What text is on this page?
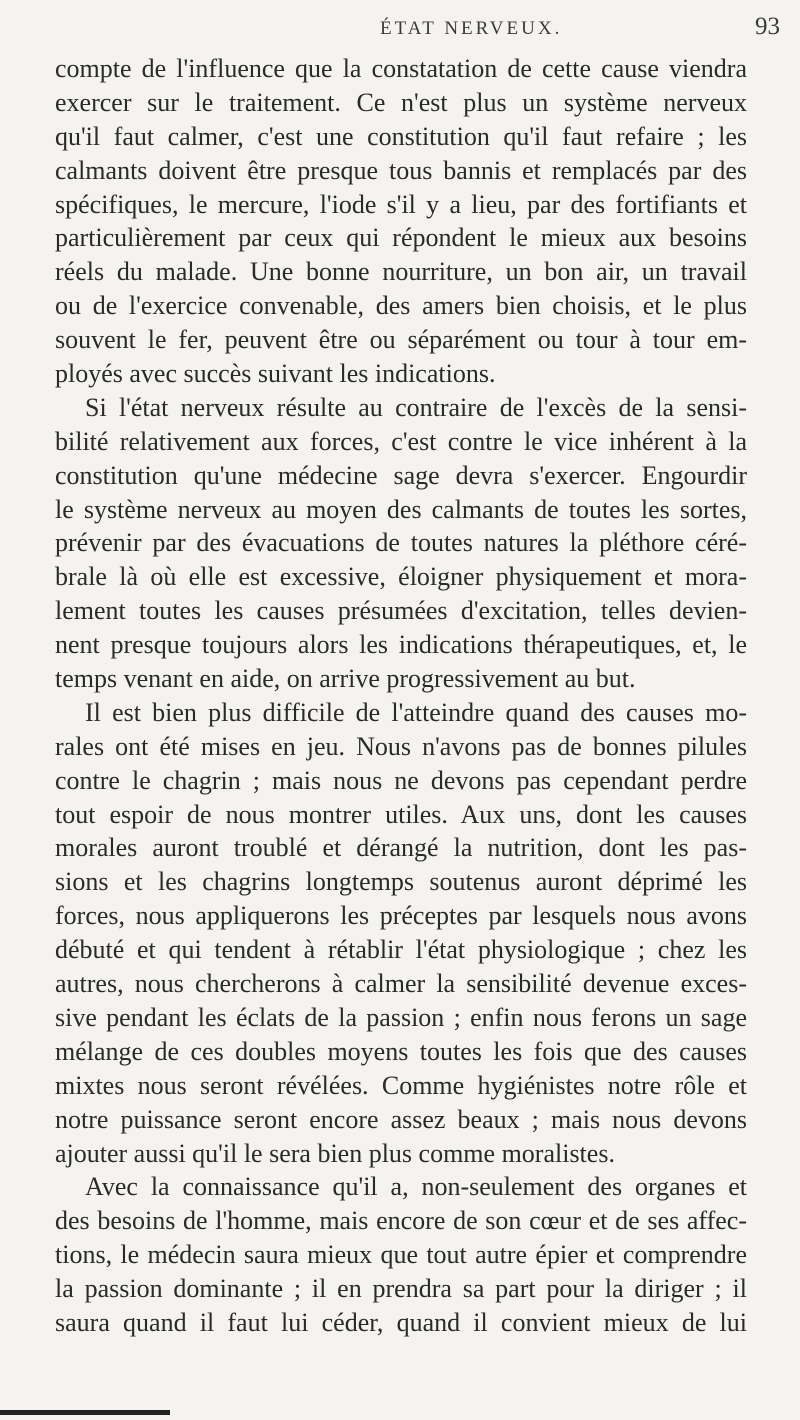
ÉTAT NERVEUX.	93
compte de l'influence que la constatation de cette cause viendra
exercer sur le traitement. Ce n'est plus un système nerveux
qu'il faut calmer, c'est une constitution qu'il faut refaire ; les
calmants doivent être presque tous bannis et remplacés par des
spécifiques, le mercure, l'iode s'il y a lieu, par des fortifiants et
particulièrement par ceux qui répondent le mieux aux besoins
réels du malade. Une bonne nourriture, un bon air, un travail
ou de l'exercice convenable, des amers bien choisis, et le plus
souvent le fer, peuvent être ou séparément ou tour à tour em-
ployés avec succès suivant les indications.
Si l'état nerveux résulte au contraire de l'excès de la sensi-
bilité relativement aux forces, c'est contre le vice inhérent à la
constitution qu'une médecine sage devra s'exercer. Engourdir
le système nerveux au moyen des calmants de toutes les sortes,
prévenir par des évacuations de toutes natures la pléthore céré-
brale là où elle est excessive, éloigner physiquement et mora-
lement toutes les causes présumées d'excitation, telles devien-
nent presque toujours alors les indications thérapeutiques, et, le
temps venant en aide, on arrive progressivement au but.
Il est bien plus difficile de l'atteindre quand des causes mo-
rales ont été mises en jeu. Nous n'avons pas de bonnes pilules
contre le chagrin ; mais nous ne devons pas cependant perdre
tout espoir de nous montrer utiles. Aux uns, dont les causes
morales auront troublé et dérangé la nutrition, dont les pas-
sions et les chagrins longtemps soutenus auront déprimé les
forces, nous appliquerons les préceptes par lesquels nous avons
débuté et qui tendent à rétablir l'état physiologique ; chez les
autres, nous chercherons à calmer la sensibilité devenue exces-
sive pendant les éclats de la passion ; enfin nous ferons un sage
mélange de ces doubles moyens toutes les fois que des causes
mixtes nous seront révélées. Comme hygiénistes notre rôle et
notre puissance seront encore assez beaux ; mais nous devons
ajouter aussi qu'il le sera bien plus comme moralistes.
Avec la connaissance qu'il a, non-seulement des organes et
des besoins de l'homme, mais encore de son cœur et de ses affec-
tions, le médecin saura mieux que tout autre épier et comprendre
la passion dominante ; il en prendra sa part pour la diriger ; il
saura quand il faut lui céder, quand il convient mieux de lui
